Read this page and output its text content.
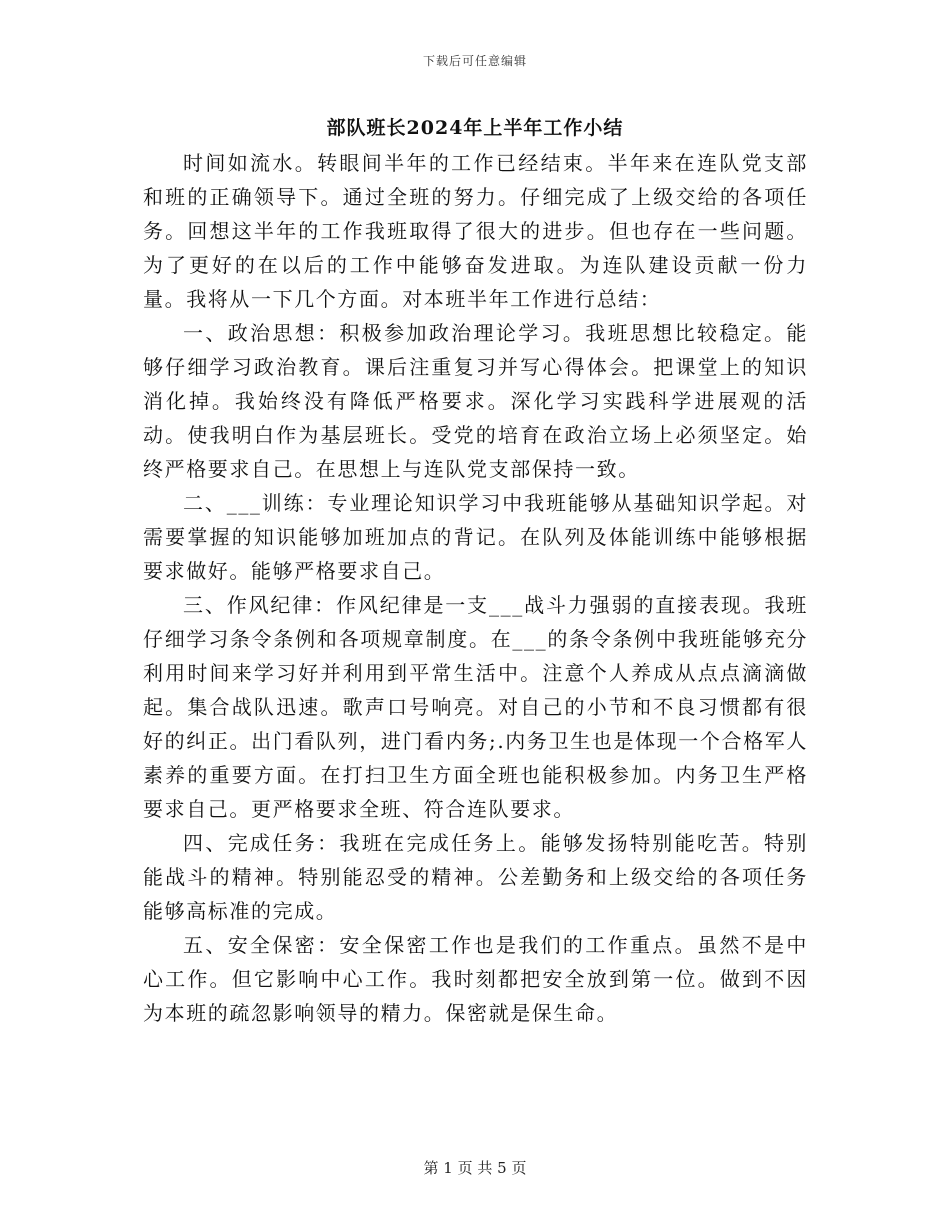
下载后可任意编辑
部队班长2024年上半年工作小结

时间如流水。转眼间半年的工作已经结束。半年来在连队党支部和班的正确领导下。通过全班的努力。仔细完成了上级交给的各项任务。回想这半年的工作我班取得了很大的进步。但也存在一些问题。为了更好的在以后的工作中能够奋发进取。为连队建设贡献一份力量。我将从一下几个方面。对本班半年工作进行总结：

一、政治思想：积极参加政治理论学习。我班思想比较稳定。能够仔细学习政治教育。课后注重复习并写心得体会。把课堂上的知识消化掉。我始终没有降低严格要求。深化学习实践科学进展观的活动。使我明白作为基层班长。受党的培育在政治立场上必须坚定。始终严格要求自己。在思想上与连队党支部保持一致。

二、___训练：专业理论知识学习中我班能够从基础知识学起。对需要掌握的知识能够加班加点的背记。在队列及体能训练中能够根据要求做好。能够严格要求自己。

三、作风纪律：作风纪律是一支___战斗力强弱的直接表现。我班仔细学习条令条例和各项规章制度。在___的条令条例中我班能够充分利用时间来学习好并利用到平常生活中。注意个人养成从点点滴滴做起。集合战队迅速。歌声口号响亮。对自己的小节和不良习惯都有很好的纠正。出门看队列，进门看内务;.内务卫生也是体现一个合格军人素养的重要方面。在打扫卫生方面全班也能积极参加。内务卫生严格要求自己。更严格要求全班、符合连队要求。

四、完成任务：我班在完成任务上。能够发扬特别能吃苦。特别能战斗的精神。特别能忍受的精神。公差勤务和上级交给的各项任务能够高标准的完成。

五、安全保密：安全保密工作也是我们的工作重点。虽然不是中心工作。但它影响中心工作。我时刻都把安全放到第一位。做到不因为本班的疏忽影响领导的精力。保密就是保生命。

第 1 页 共 5 页
